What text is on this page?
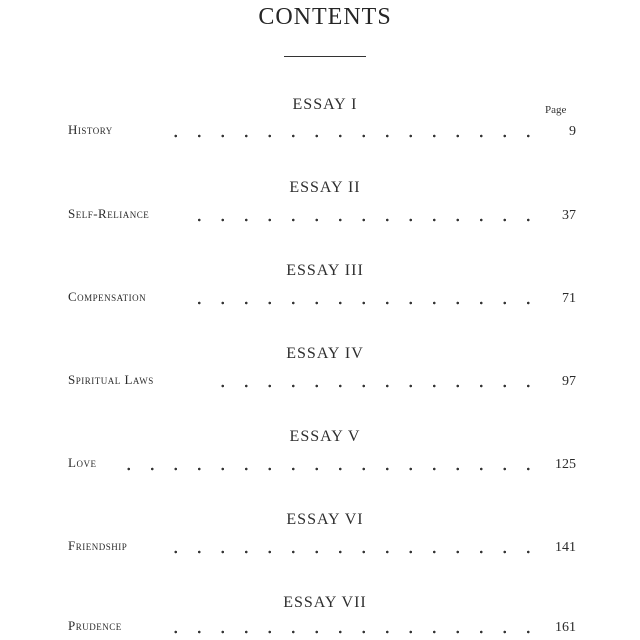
CONTENTS
Page
ESSAY I
History	9
ESSAY II
Self-Reliance	37
ESSAY III
Compensation	71
ESSAY IV
Spiritual Laws	97
ESSAY V
Love	125
ESSAY VI
Friendship	141
ESSAY VII
Prudence	161
